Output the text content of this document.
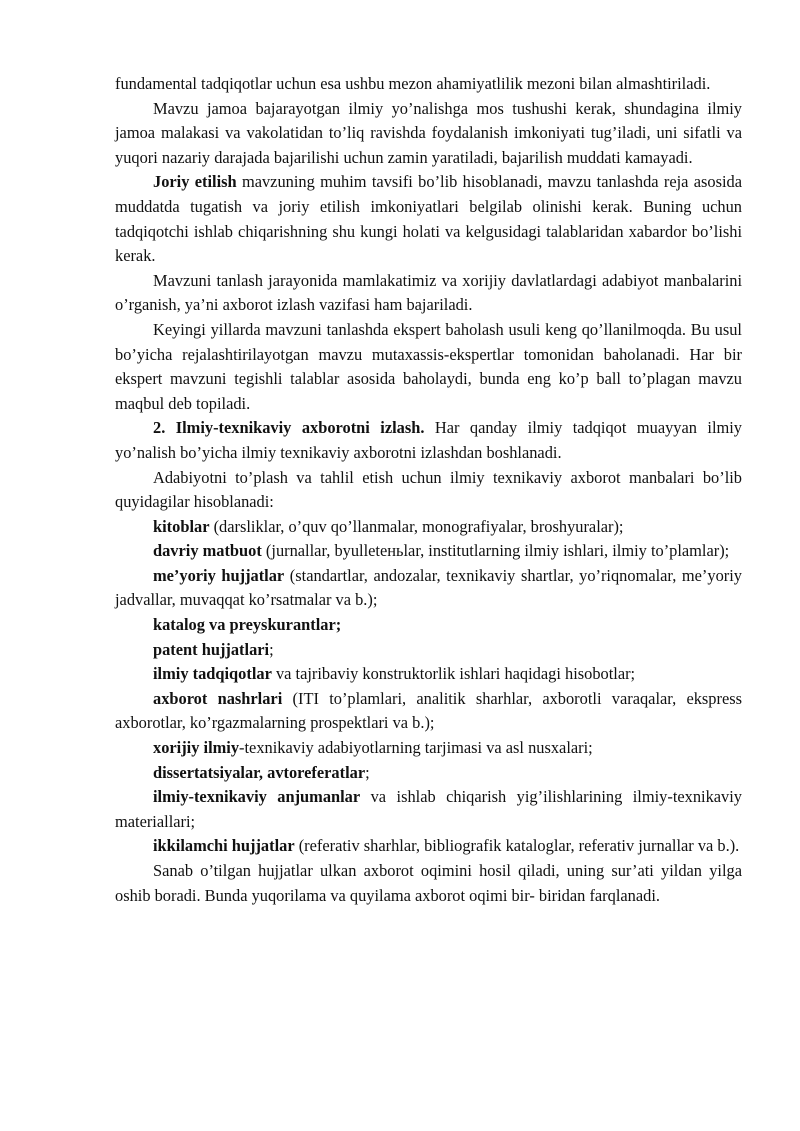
fundamental tadqiqotlar uchun esa ushbu mezon ahamiyatlilik mezoni bilan almashtiriladi.

Mavzu jamoa bajarayotgan ilmiy yo’nalishga mos tushushi kerak, shundagina ilmiy jamoa malakasi va vakolatidan to’liq ravishda foydalanish imkoniyati tug’iladi, uni sifatli va yuqori nazariy darajada bajarilishi uchun zamin yaratiladi, bajarilish muddati kamayadi.

Joriy etilish mavzuning muhim tavsifi bo’lib hisoblanadi, mavzu tanlashda reja asosida muddatda tugatish va joriy etilish imkoniyatlari belgilab olinishi kerak. Buning uchun tadqiqotchi ishlab chiqarishning shu kungi holati va kelgusidagi talablaridan xabardor bo’lishi kerak.

Mavzuni tanlash jarayonida mamlakatimiz va xorijiy davlatlardagi adabiyot manbalarini o’rganish, ya’ni axborot izlash vazifasi ham bajariladi.

Keyingi yillarda mavzuni tanlashda ekspert baholash usuli keng qo’llanilmoqda. Bu usul bo’yicha rejalashtirilayotgan mavzu mutaxassis-ekspertlar tomonidan baholanadi. Har bir ekspert mavzuni tegishli talablar asosida baholaydi, bunda eng ko’p ball to’plagan mavzu maqbul deb topiladi.

2. Ilmiy-texnikaviy axborotni izlash. Har qanday ilmiy tadqiqot muayyan ilmiy yo’nalish bo’yicha ilmiy texnikaviy axborotni izlashdan boshlanadi.

Adabiyotni to’plash va tahlil etish uchun ilmiy texnikaviy axborot manbalari bo’lib quyidagilar hisoblanadi:

kitoblar (darsliklar, o’quv qo’llanmalar, monografiyalar, broshyuralar);

davriy matbuot (jurnallar, byulleteньlar, institutlarning ilmiy ishlari, ilmiy to’plamlar);

me’yoriy hujjatlar (standartlar, andozalar, texnikaviy shartlar, yo’riqnomalar, me’yoriy jadvallar, muvaqqat ko’rsatmalar va b.);

katalog va preyskurantlar;

patent hujjatlari;

ilmiy tadqiqotlar va tajribaviy konstruktorlik ishlari haqidagi hisobotlar;

axborot nashrlari (ITI to’plamlari, analitik sharhlar, axborotli varaqalar, ekspress axborotlar, ko’rgazmalarning prospektlari va b.);

xorijiy ilmiy-texnikaviy adabiyotlarning tarjimasi va asl nusxalari;

dissertatsiyalar, avtoreferatlar;

ilmiy-texnikaviy anjumanlar va ishlab chiqarish yig’ilishlarining ilmiy-texnikaviy materiallari;

ikkilamchi hujjatlar (referativ sharhlar, bibliografik kataloglar, referativ jurnallar va b.).

Sanab o’tilgan hujjatlar ulkan axborot oqimini hosil qiladi, uning sur’ati yildan yilga oshib boradi. Bunda yuqorilama va quyilama axborot oqimi bir- biridan farqlanadi.
